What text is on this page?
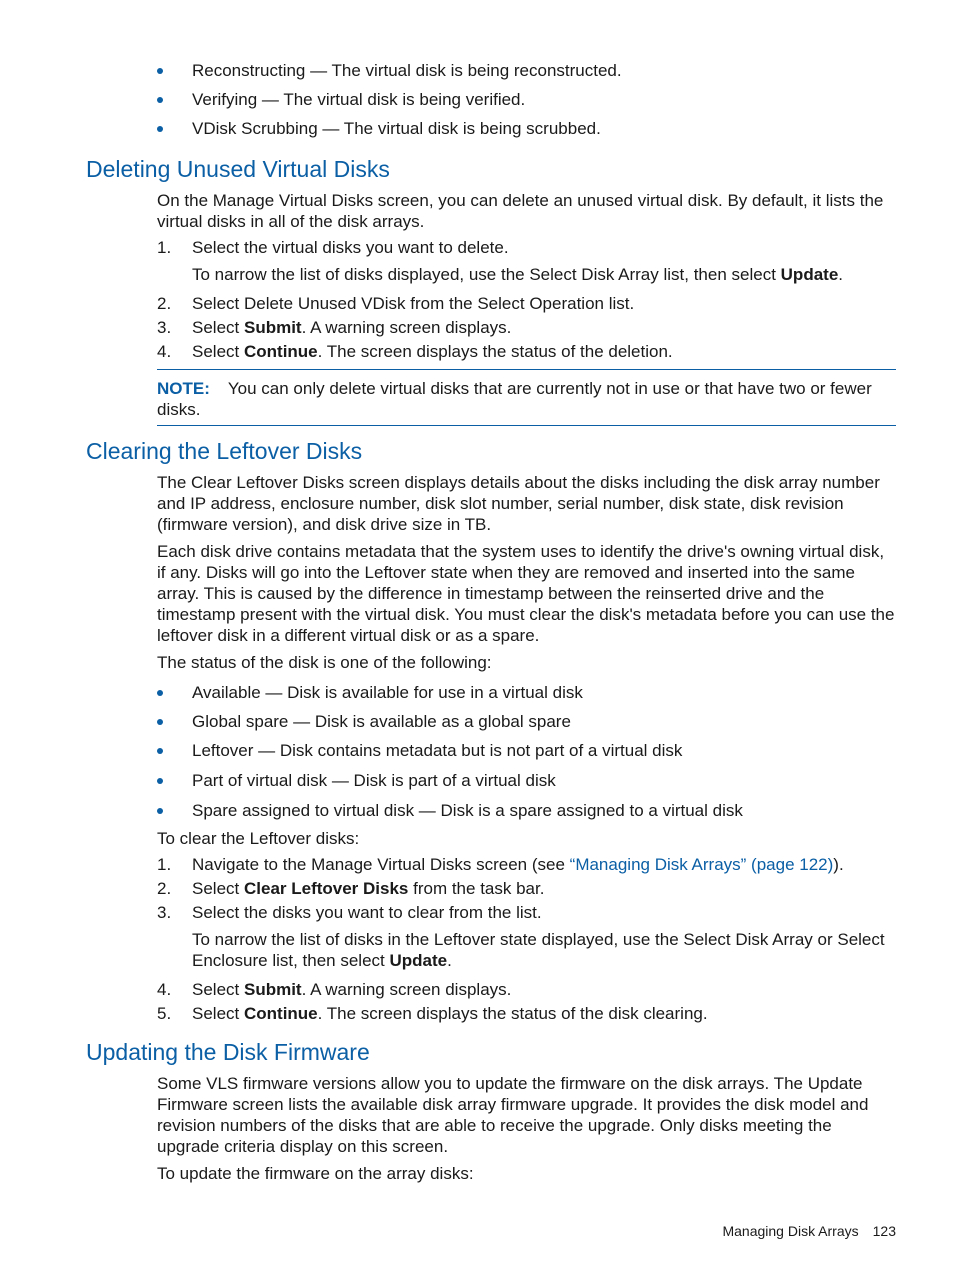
Reconstructing — The virtual disk is being reconstructed.
Verifying — The virtual disk is being verified.
VDisk Scrubbing — The virtual disk is being scrubbed.
Deleting Unused Virtual Disks

On the Manage Virtual Disks screen, you can delete an unused virtual disk. By default, it lists the virtual disks in all of the disk arrays.

1. Select the virtual disks you want to delete.

To narrow the list of disks displayed, use the Select Disk Array list, then select Update.

2. Select Delete Unused VDisk from the Select Operation list.
3. Select Submit. A warning screen displays.
4. Select Continue. The screen displays the status of the deletion.

NOTE: You can only delete virtual disks that are currently not in use or that have two or fewer disks.

Clearing the Leftover Disks

The Clear Leftover Disks screen displays details about the disks including the disk array number and IP address, enclosure number, disk slot number, serial number, disk state, disk revision (firmware version), and disk drive size in TB.

Each disk drive contains metadata that the system uses to identify the drive's owning virtual disk, if any. Disks will go into the Leftover state when they are removed and inserted into the same array. This is caused by the difference in timestamp between the reinserted drive and the timestamp present with the virtual disk. You must clear the disk's metadata before you can use the leftover disk in a different virtual disk or as a spare.

The status of the disk is one of the following:

Available — Disk is available for use in a virtual disk
Global spare — Disk is available as a global spare
Leftover — Disk contains metadata but is not part of a virtual disk
Part of virtual disk — Disk is part of a virtual disk
Spare assigned to virtual disk — Disk is a spare assigned to a virtual disk

To clear the Leftover disks:

1. Navigate to the Manage Virtual Disks screen (see “Managing Disk Arrays” (page 122)).
2. Select Clear Leftover Disks from the task bar.
3. Select the disks you want to clear from the list.

To narrow the list of disks in the Leftover state displayed, use the Select Disk Array or Select Enclosure list, then select Update.

4. Select Submit. A warning screen displays.
5. Select Continue. The screen displays the status of the disk clearing.
Updating the Disk Firmware

Some VLS firmware versions allow you to update the firmware on the disk arrays. The Update Firmware screen lists the available disk array firmware upgrade. It provides the disk model and revision numbers of the disks that are able to receive the upgrade. Only disks meeting the upgrade criteria display on this screen.

To update the firmware on the array disks:

Managing Disk Arrays 123
